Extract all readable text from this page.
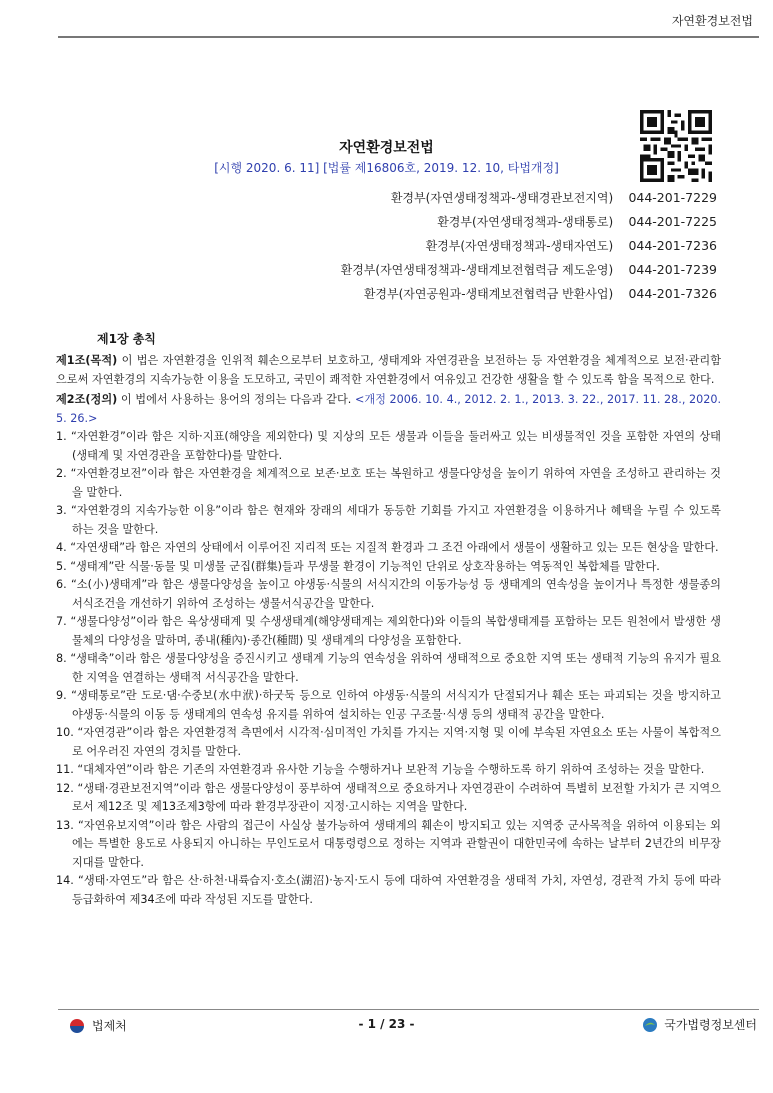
자연환경보전법
자연환경보전법
[시행 2020. 6. 11] [법률 제16806호, 2019. 12. 10, 타법개정]
환경부(자연생태정책과-생태경관보전지역) 044-201-7229
환경부(자연생태정책과-생태통로) 044-201-7225
환경부(자연생태정책과-생태자연도) 044-201-7236
환경부(자연생태정책과-생태계보전협력금 제도운영) 044-201-7239
환경부(자연공원과-생태계보전협력금 반환사업) 044-201-7326
제1장 총칙

제1조(목적) 이 법은 자연환경을 인위적 훼손으로부터 보호하고, 생태계와 자연경관을 보전하는 등 자연환경을 체계적으로 보전·관리함으로써 자연환경의 지속가능한 이용을 도모하고, 국민이 쾌적한 자연환경에서 여유있고 건강한 생활을 할 수 있도록 함을 목적으로 한다.

제2조(정의) 이 법에서 사용하는 용어의 정의는 다음과 같다. <개정 2006. 10. 4., 2012. 2. 1., 2013. 3. 22., 2017. 11. 28., 2020. 5. 26.>

1. “자연환경”이라 함은 지하·지표(해양을 제외한다) 및 지상의 모든 생물과 이들을 둘러싸고 있는 비생물적인 것을 포함한 자연의 상태(생태계 및 자연경관을 포함한다)를 말한다.
2. “자연환경보전”이라 함은 자연환경을 체계적으로 보존·보호 또는 복원하고 생물다양성을 높이기 위하여 자연을 조성하고 관리하는 것을 말한다.
3. “자연환경의 지속가능한 이용”이라 함은 현재와 장래의 세대가 동등한 기회를 가지고 자연환경을 이용하거나 혜택을 누릴 수 있도록 하는 것을 말한다.
4. “자연생태”라 함은 자연의 상태에서 이루어진 지리적 또는 지질적 환경과 그 조건 아래에서 생물이 생활하고 있는 모든 현상을 말한다.
5. “생태계”란 식물·동물 및 미생물 군집(群集)들과 무생물 환경이 기능적인 단위로 상호작용하는 역동적인 복합체를 말한다.
6. “소(小)생태계”라 함은 생물다양성을 높이고 야생동·식물의 서식지간의 이동가능성 등 생태계의 연속성을 높이거나 특정한 생물종의 서식조건을 개선하기 위하여 조성하는 생물서식공간을 말한다.
7. “생물다양성”이라 함은 육상생태계 및 수생생태계(해양생태계는 제외한다)와 이들의 복합생태계를 포함하는 모든 원천에서 발생한 생물체의 다양성을 말하며, 종내(種內)·종간(種間) 및 생태계의 다양성을 포함한다.
8. “생태축”이라 함은 생물다양성을 증진시키고 생태계 기능의 연속성을 위하여 생태적으로 중요한 지역 또는 생태적 기능의 유지가 필요한 지역을 연결하는 생태적 서식공간을 말한다.
9. “생태통로”란 도로·댐·수중보(水中洑)·하굿둑 등으로 인하여 야생동·식물의 서식지가 단절되거나 훼손 또는 파괴되는 것을 방지하고 야생동·식물의 이동 등 생태계의 연속성 유지를 위하여 설치하는 인공 구조물·식생 등의 생태적 공간을 말한다.
10. “자연경관”이라 함은 자연환경적 측면에서 시각적·심미적인 가치를 가지는 지역·지형 및 이에 부속된 자연요소 또는 사물이 복합적으로 어우러진 자연의 경치를 말한다.
11. “대체자연”이라 함은 기존의 자연환경과 유사한 기능을 수행하거나 보완적 기능을 수행하도록 하기 위하여 조성하는 것을 말한다.
12. “생태·경관보전지역”이라 함은 생물다양성이 풍부하여 생태적으로 중요하거나 자연경관이 수려하여 특별히 보전할 가치가 큰 지역으로서 제12조 및 제13조제3항에 따라 환경부장관이 지정·고시하는 지역을 말한다.
13. “자연유보지역”이라 함은 사람의 접근이 사실상 불가능하여 생태계의 훼손이 방지되고 있는 지역중 군사목적을 위하여 이용되는 외에는 특별한 용도로 사용되지 아니하는 무인도로서 대통령령으로 정하는 지역과 관할권이 대한민국에 속하는 날부터 2년간의 비무장지대를 말한다.
14. “생태·자연도”라 함은 산·하천·내륙습지·호소(湖沼)·농지·도시 등에 대하여 자연환경을 생태적 가치, 자연성, 경관적 가치 등에 따라 등급화하여 제34조에 따라 작성된 지도를 말한다.
법제처	- 1 / 23 -	국가법령정보센터
